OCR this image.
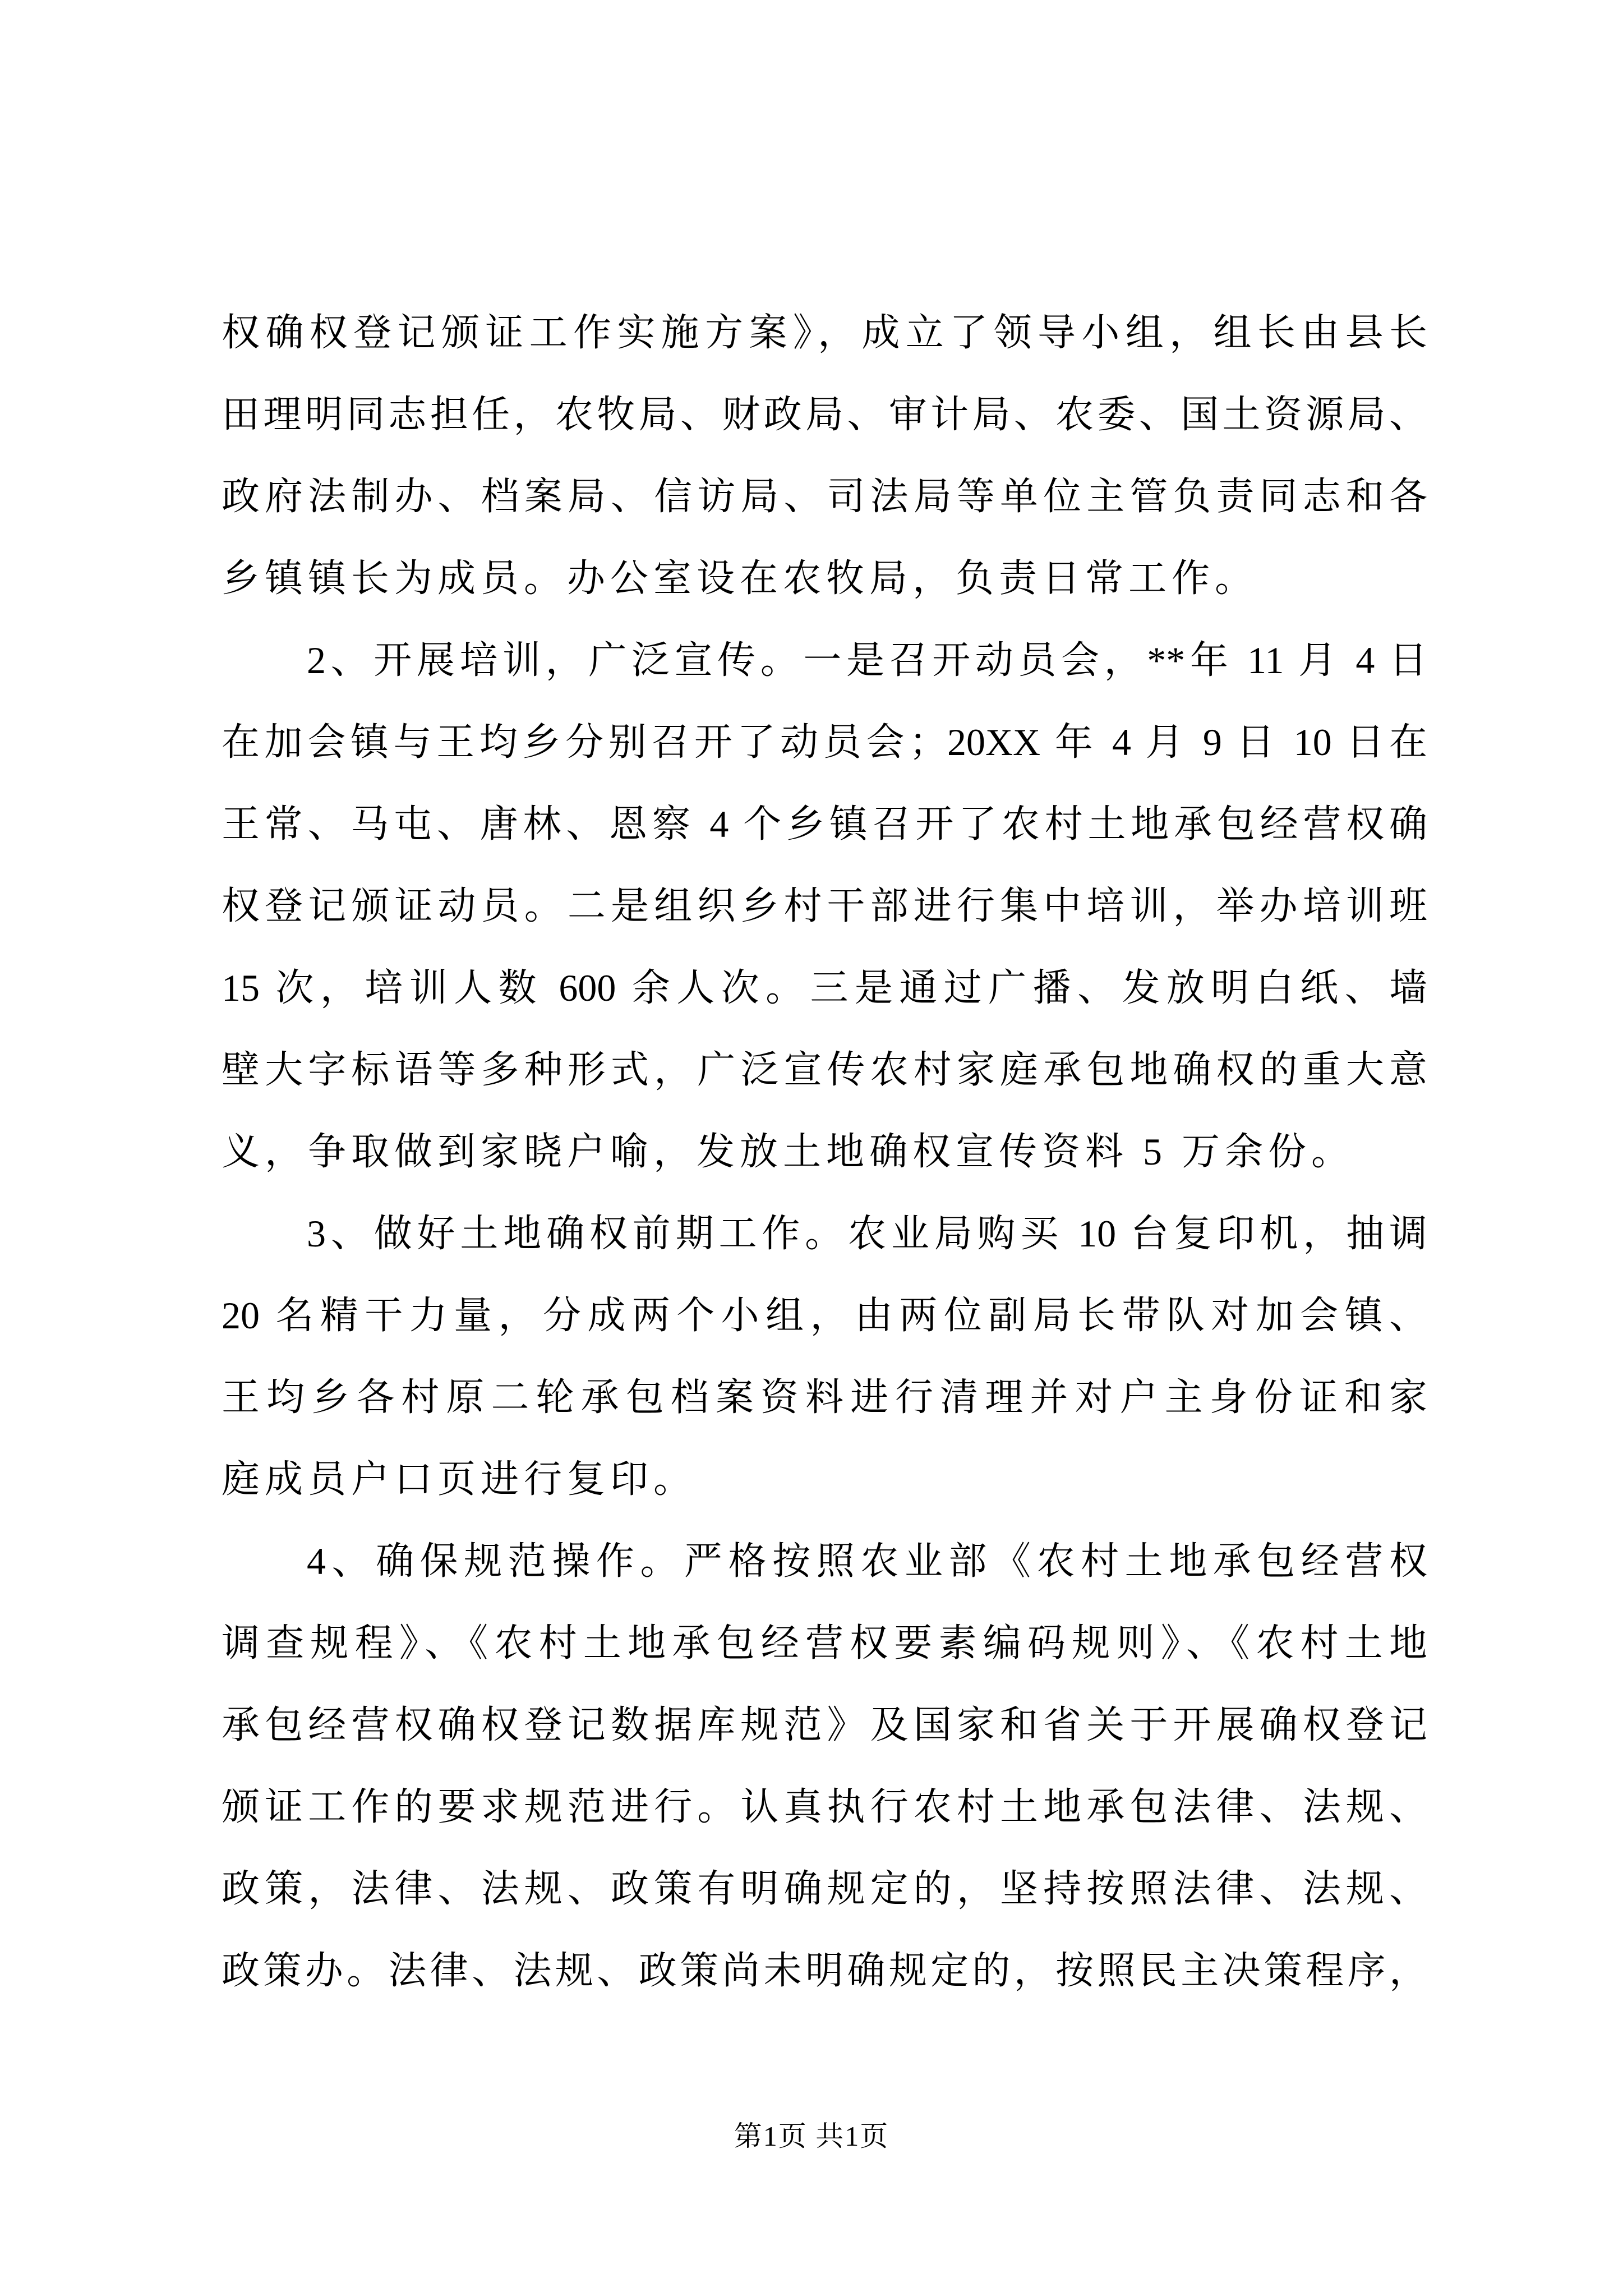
权确权登记颁证工作实施方案》，成立了领导小组，组长由县长
田理明同志担任，农牧局、财政局、审计局、农委、国土资源局、
政府法制办、档案局、信访局、司法局等单位主管负责同志和各
乡镇镇长为成员。办公室设在农牧局，负责日常工作。
2、开展培训，广泛宣传。一是召开动员会，**年 11 月 4 日
在加会镇与王均乡分别召开了动员会；20XX 年 4 月 9 日 10 日在
王常、马屯、唐林、恩察 4 个乡镇召开了农村土地承包经营权确
权登记颁证动员。二是组织乡村干部进行集中培训，举办培训班
15 次，培训人数 600 余人次。三是通过广播、发放明白纸、墙
壁大字标语等多种形式，广泛宣传农村家庭承包地确权的重大意
义，争取做到家晓户喻，发放土地确权宣传资料 5 万余份。
3、做好土地确权前期工作。农业局购买 10 台复印机，抽调
20 名精干力量，分成两个小组，由两位副局长带队对加会镇、
王均乡各村原二轮承包档案资料进行清理并对户主身份证和家
庭成员户口页进行复印。
4、确保规范操作。严格按照农业部《农村土地承包经营权
调查规程》、《农村土地承包经营权要素编码规则》、《农村土地
承包经营权确权登记数据库规范》及国家和省关于开展确权登记
颁证工作的要求规范进行。认真执行农村土地承包法律、法规、
政策，法律、法规、政策有明确规定的，坚持按照法律、法规、
政策办。法律、法规、政策尚未明确规定的，按照民主决策程序，
第1页 共1页
